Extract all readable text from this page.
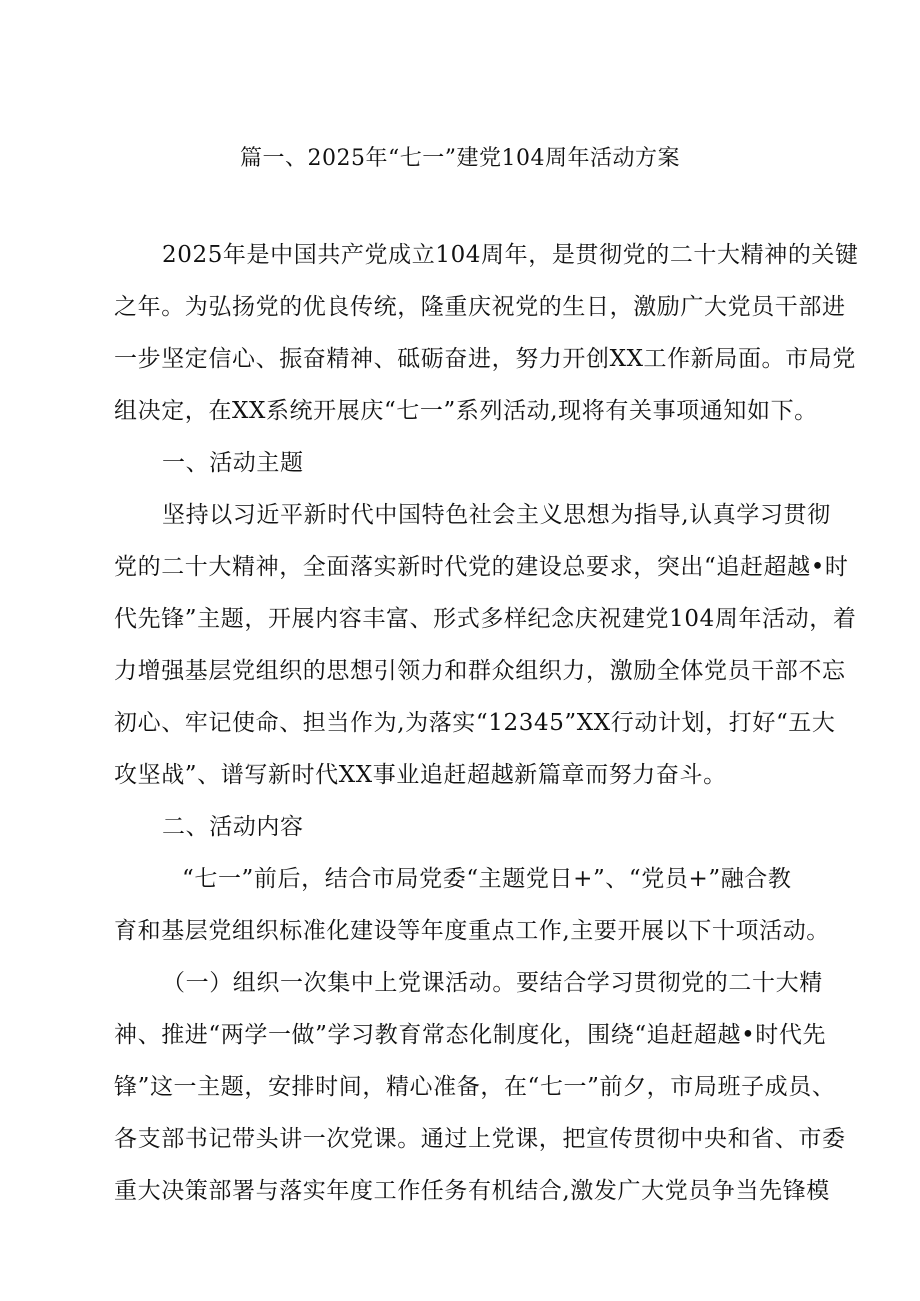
篇一、2025年“七一”建党104周年活动方案
2025年是中国共产党成立104周年，是贯彻党的二十大精神的关键
之年。为弘扬党的优良传统，隆重庆祝党的生日，激励广大党员干部进
一步坚定信心、振奋精神、砥砺奋进，努力开创XX工作新局面。市局党
组决定，在XX系统开展庆“七一”系列活动,现将有关事项通知如下。
一、活动主题
坚持以习近平新时代中国特色社会主义思想为指导,认真学习贯彻
党的二十大精神，全面落实新时代党的建设总要求，突出“追赶超越•时
代先锋”主题，开展内容丰富、形式多样纪念庆祝建党104周年活动，着
力增强基层党组织的思想引领力和群众组织力，激励全体党员干部不忘
初心、牢记使命、担当作为,为落实“12345”XX行动计划，打好“五大
攻坚战”、谱写新时代XX事业追赶超越新篇章而努力奋斗。
二、活动内容
“七一”前后，结合市局党委“主题党日+”、“党员+”融合教
育和基层党组织标准化建设等年度重点工作,主要开展以下十项活动。
（一）组织一次集中上党课活动。要结合学习贯彻党的二十大精
神、推进“两学一做”学习教育常态化制度化，围绕“追赶超越•时代先
锋”这一主题，安排时间，精心准备，在“七一”前夕，市局班子成员、
各支部书记带头讲一次党课。通过上党课，把宣传贯彻中央和省、市委
重大决策部署与落实年度工作任务有机结合,激发广大党员争当先锋模
